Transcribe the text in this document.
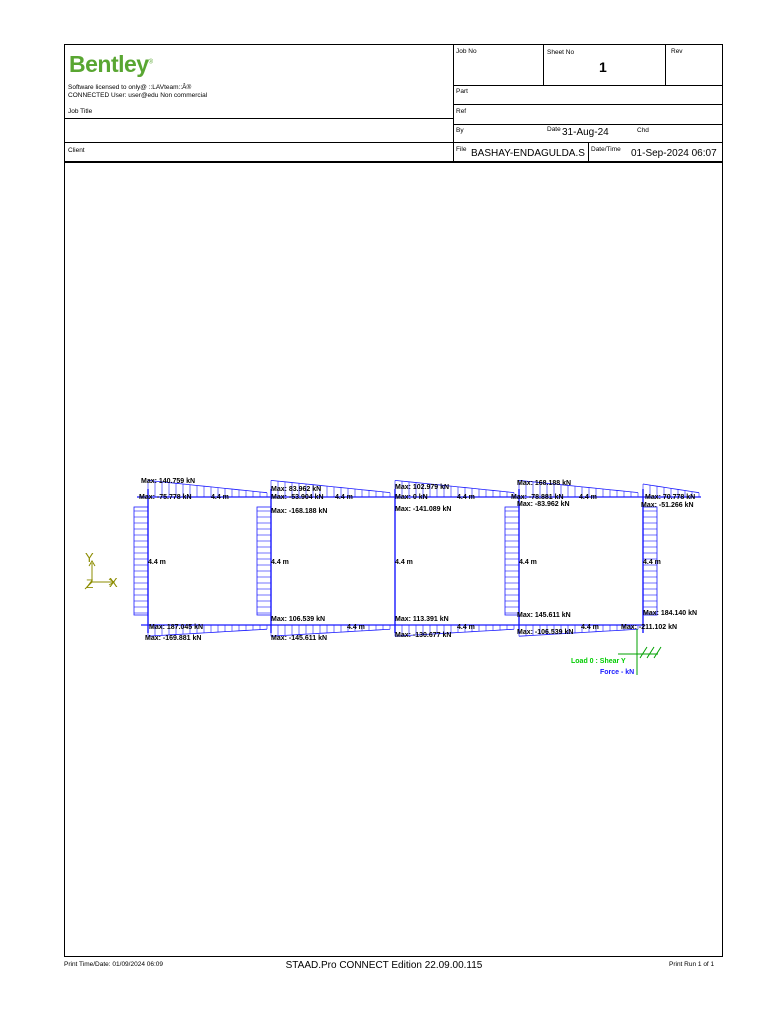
Bentley®
Software licensed to only@ ::LAVteam::Â®
CONNECTED User: user@edu Non commercial
Job No	Sheet No
1
Rev
Part
Ref
Job Title
By	Date 31-Aug-24	Chd
Client	File BASHAY-ENDAGULDA.S Date/Time 01-Sep-2024 06:07
Y
X
Z
Max: 140.759 kN
Max: -75.778 kN
Max: 187.045 kN
Max: -169.881 kN
Max: 83.962 kN
Max: -53.904 kN
Max: -168.188 kN
Max: 106.539 kN
Max: -145.611 kN
Max: 102.979 kN
Max: 0 kN
Max: -141.089 kN
Max: 113.391 kN
Max: -130.677 kN
Max: 168.188 kN
Max: -78.881 kN
Max: -83.962 kN
Max: 145.611 kN
Max: -106.539 kN
Max: 70.778 kN
Max: -51.266 kN
Max: 184.140 kN
Max: -211.102 kN
4.4 m	4.4 m	4.4 m	4.4 m	4.4 m
4.4 m	4.4 m	4.4 m	4.4 m
4.4 m	4.4 m	4.4 m
Load 0 : Shear Y
Force - kN
Print Time/Date: 01/09/2024 06:09	STAAD.Pro CONNECT Edition 22.09.00.115	Print Run 1 of 1
